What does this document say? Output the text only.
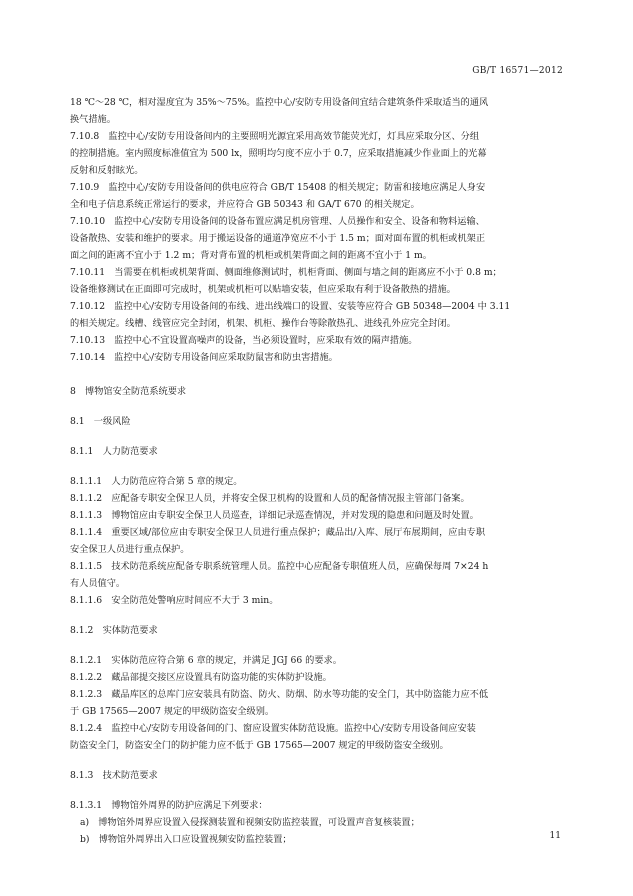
GB/T 16571—2012

18 ℃～28 ℃，相对湿度宜为 35%～75%。监控中心/安防专用设备间宜结合建筑条件采取适当的通风

换气措施。

7.10.8　监控中心/安防专用设备间内的主要照明光源宜采用高效节能荧光灯，灯具应采取分区、分组

的控制措施。室内照度标准值宜为 500 lx，照明均匀度不应小于 0.7，应采取措施减少作业面上的光幕

反射和反射眩光。

7.10.9　监控中心/安防专用设备间的供电应符合 GB/T 15408 的相关规定；防雷和接地应满足人身安

全和电子信息系统正常运行的要求，并应符合 GB 50343 和 GA/T 670 的相关规定。

7.10.10　监控中心/安防专用设备间的设备布置应满足机房管理、人员操作和安全、设备和物料运输、

设备散热、安装和维护的要求。用于搬运设备的通道净宽应不小于 1.5 m；面对面布置的机柜或机架正

面之间的距离不宜小于 1.2 m；背对背布置的机柜或机架背面之间的距离不宜小于 1 m。

7.10.11　当需要在机柜或机架背面、侧面维修测试时，机柜背面、侧面与墙之间的距离应不小于 0.8 m；

设备维修测试在正面即可完成时，机架或机柜可以贴墙安装，但应采取有利于设备散热的措施。

7.10.12　监控中心/安防专用设备间的布线、进出线端口的设置、安装等应符合 GB 50348—2004 中 3.11

的相关规定。线槽、线管应完全封闭，机架、机柜、操作台等除散热孔、进线孔外应完全封闭。

7.10.13　监控中心不宜设置高噪声的设备，当必须设置时，应采取有效的隔声措施。

7.10.14　监控中心/安防专用设备间应采取防鼠害和防虫害措施。

8　博物馆安全防范系统要求

8.1　一级风险

8.1.1　人力防范要求

8.1.1.1　人力防范应符合第 5 章的规定。

8.1.1.2　应配备专职安全保卫人员，并将安全保卫机构的设置和人员的配备情况报主管部门备案。

8.1.1.3　博物馆应由专职安全保卫人员巡查，详细记录巡查情况，并对发现的隐患和问题及时处置。

8.1.1.4　重要区域/部位应由专职安全保卫人员进行重点保护；藏品出/入库、展厅布展期间，应由专职

安全保卫人员进行重点保护。

8.1.1.5　技术防范系统应配备专职系统管理人员。监控中心应配备专职值班人员，应确保每周 7×24 h

有人员值守。

8.1.1.6　安全防范处警响应时间应不大于 3 min。

8.1.2　实体防范要求

8.1.2.1　实体防范应符合第 6 章的规定，并满足 JGJ 66 的要求。

8.1.2.2　藏品部提交接区应设置具有防盗功能的实体防护设施。

8.1.2.3　藏品库区的总库门应安装具有防盗、防火、防烟、防水等功能的安全门，其中防盗能力应不低

于 GB 17565—2007 规定的甲级防盗安全级别。

8.1.2.4　监控中心/安防专用设备间的门、窗应设置实体防范设施。监控中心/安防专用设备间应安装

防盗安全门，防盗安全门的防护能力应不低于 GB 17565—2007 规定的甲级防盗安全级别。

8.1.3　技术防范要求

8.1.3.1　博物馆外周界的防护应满足下列要求：

a)　博物馆外周界应设置入侵探测装置和视频安防监控装置，可设置声音复核装置；

b)　博物馆外周界出入口应设置视频安防监控装置；	11
